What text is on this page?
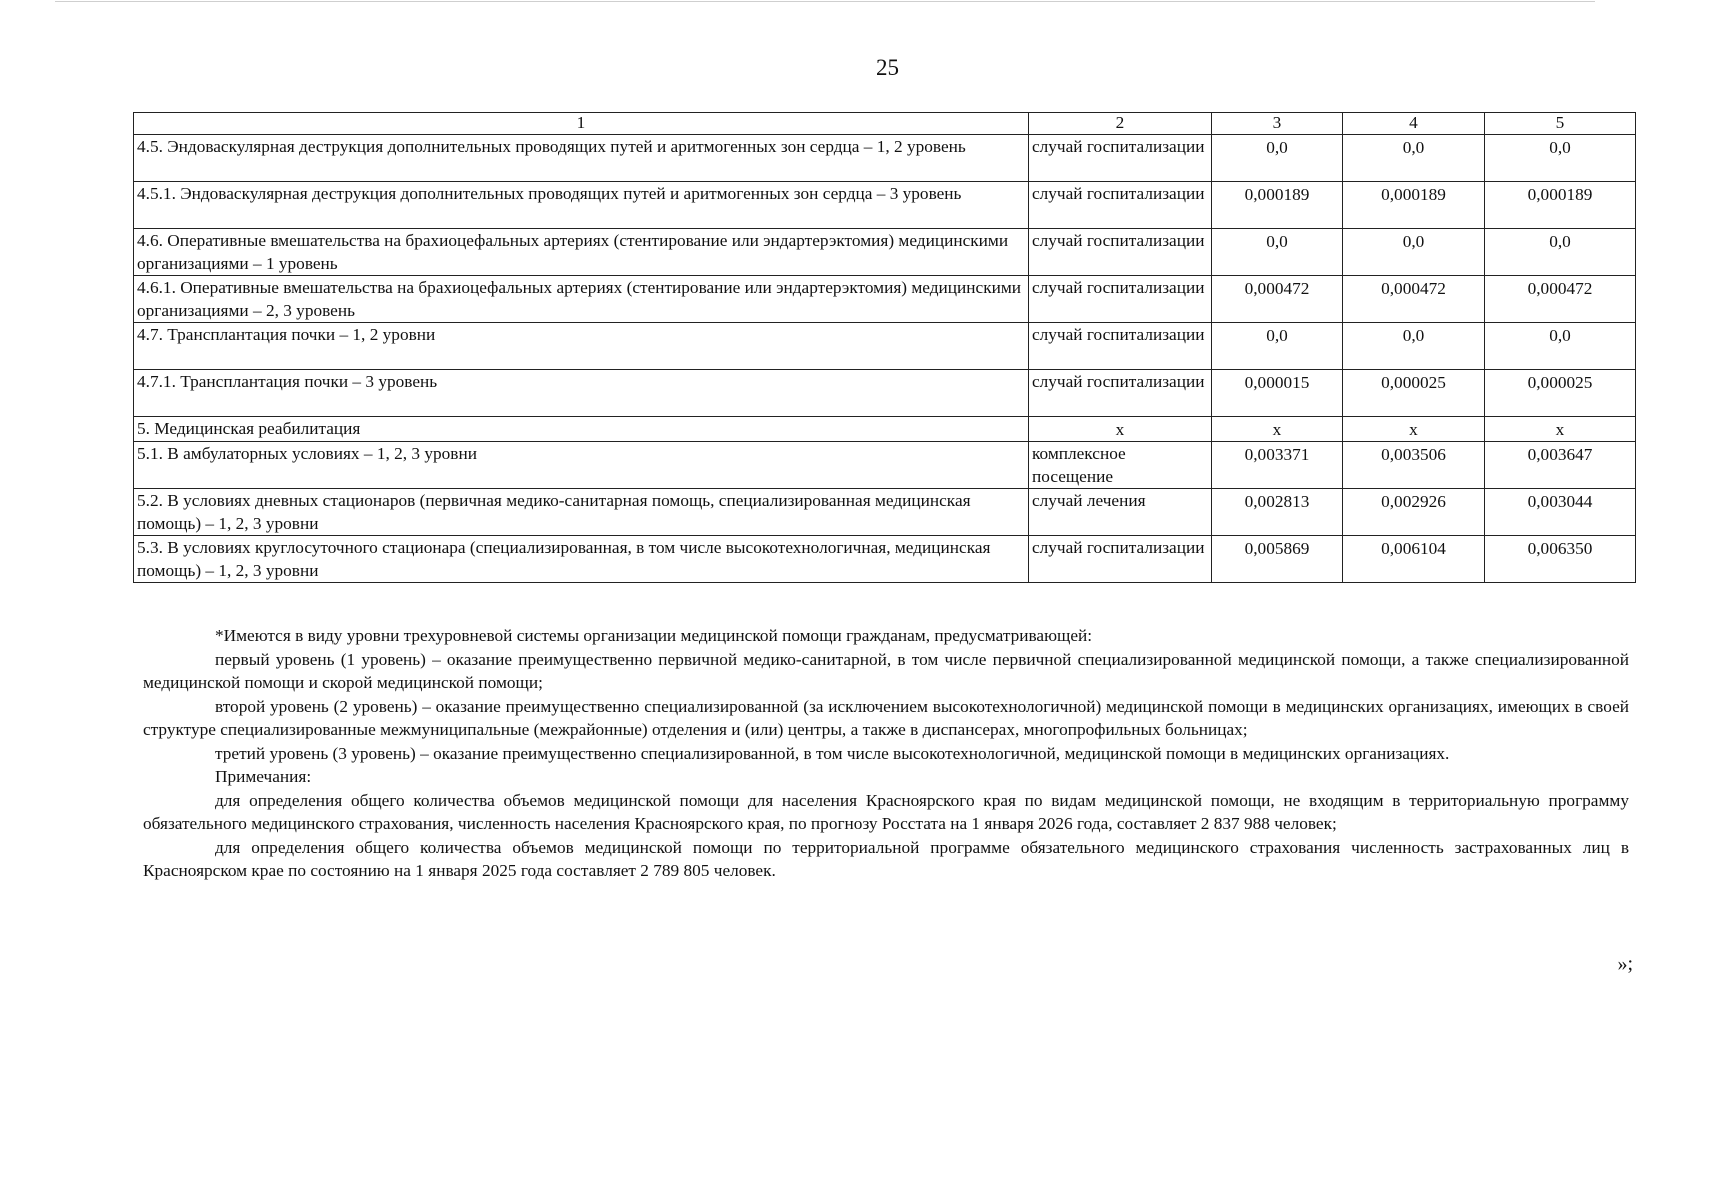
25
1	2	3	4	5
4.5. Эндоваскулярная деструкция дополнительных проводящих путей и аритмогенных зон сердца – 1, 2 уровень	случай госпитализации	0,0	0,0	0,0
4.5.1. Эндоваскулярная деструкция дополнительных проводящих путей и аритмогенных зон сердца – 3 уровень	случай госпитализации	0,000189	0,000189	0,000189
4.6. Оперативные вмешательства на брахиоцефальных артериях (стентирование или эндартерэктомия) медицинскими организациями – 1 уровень	случай госпитализации	0,0	0,0	0,0
4.6.1. Оперативные вмешательства на брахиоцефальных артериях (стентирование или эндартерэктомия) медицинскими организациями – 2, 3 уровень	случай госпитализации	0,000472	0,000472	0,000472
4.7. Трансплантация почки – 1, 2 уровни	случай госпитализации	0,0	0,0	0,0
4.7.1. Трансплантация почки – 3 уровень	случай госпитализации	0,000015	0,000025	0,000025
5. Медицинская реабилитация	х	х	х	х
5.1. В амбулаторных условиях – 1, 2, 3 уровни	комплексное посещение	0,003371	0,003506	0,003647
5.2. В условиях дневных стационаров (первичная медико-санитарная помощь, специализированная медицинская помощь) – 1, 2, 3 уровни	случай лечения	0,002813	0,002926	0,003044
5.3. В условиях круглосуточного стационара (специализированная, в том числе высокотехнологичная, медицинская помощь) – 1, 2, 3 уровни	случай госпитализации	0,005869	0,006104	0,006350

*Имеются в виду уровни трехуровневой системы организации медицинской помощи гражданам, предусматривающей:

первый уровень (1 уровень) – оказание преимущественно первичной медико-санитарной, в том числе первичной специализированной медицинской помощи, а также специализированной медицинской помощи и скорой медицинской помощи;

второй уровень (2 уровень) – оказание преимущественно специализированной (за исключением высокотехнологичной) медицинской помощи в медицинских организациях, имеющих в своей структуре специализированные межмуниципальные (межрайонные) отделения и (или) центры, а также в диспансерах, многопрофильных больницах;

третий уровень (3 уровень) – оказание преимущественно специализированной, в том числе высокотехнологичной, медицинской помощи в медицинских организациях.

Примечания:

для определения общего количества объемов медицинской помощи для населения Красноярского края по видам медицинской помощи, не входящим в территориальную программу обязательного медицинского страхования, численность населения Красноярского края, по прогнозу Росстата на 1 января 2026 года, составляет 2 837 988 человек;

для определения общего количества объемов медицинской помощи по территориальной программе обязательного медицинского страхования численность застрахованных лиц в Красноярском крае по состоянию на 1 января 2025 года составляет 2 789 805 человек.

»;
